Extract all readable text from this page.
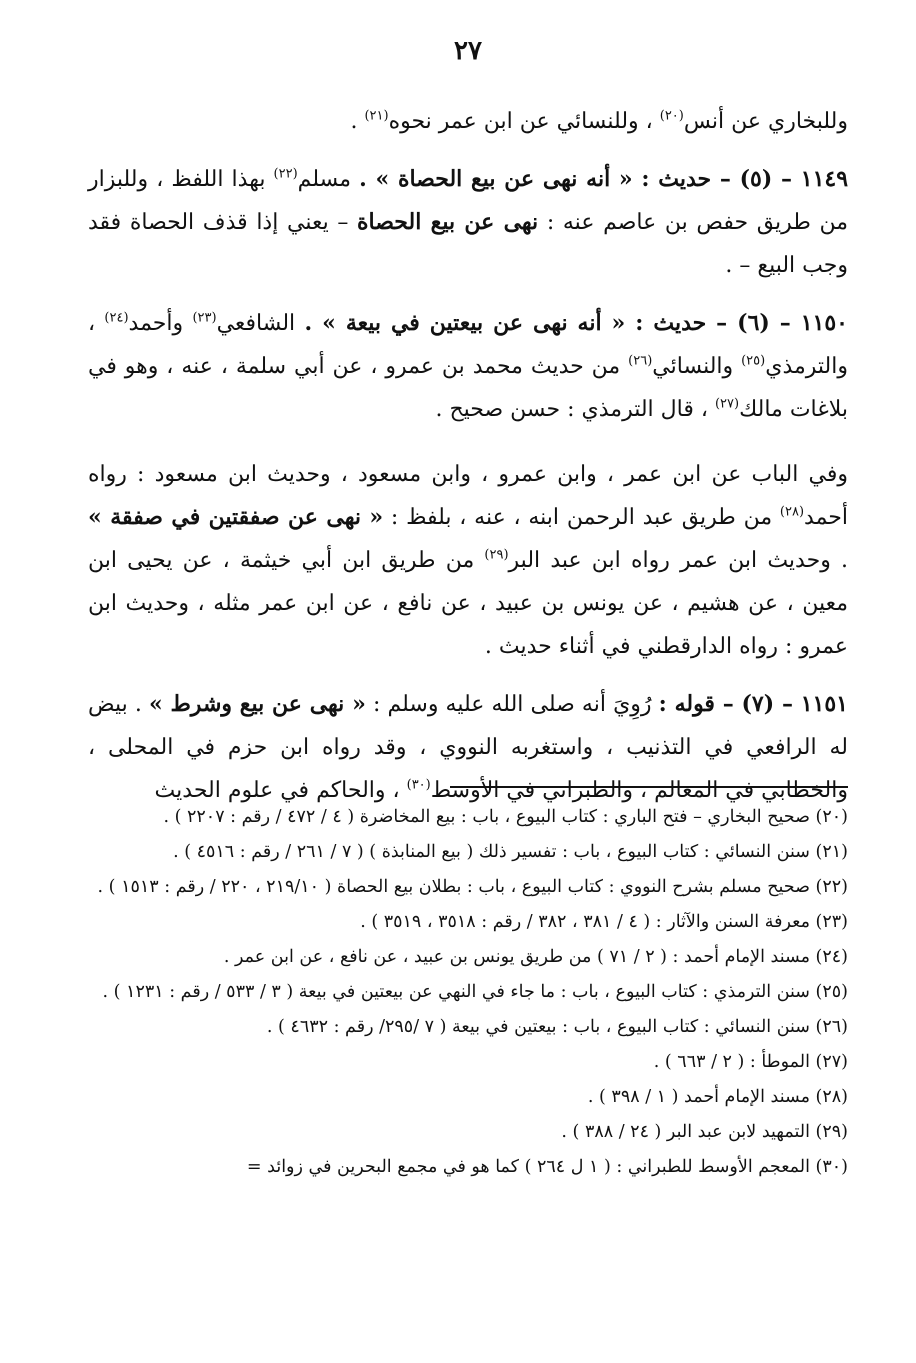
٢٧

وللبخاري عن أنس$^{(٢٠)}$ ، وللنسائي عن ابن عمر نحوه$^{(٢١)}$ .

١١٤٩ – (٥) – حديث : « أنه نهى عن بيع الحصاة » . مسلم$^{(٢٢)}$ بهذا اللفظ ، وللبزار من طريق حفص بن عاصم عنه : نهى عن بيع الحصاة – يعني إذا قذف الحصاة فقد وجب البيع – .

١١٥٠ – (٦) – حديث : « أنه نهى عن بيعتين في بيعة » . الشافعي$^{(٢٣)}$ وأحمد$^{(٢٤)}$ ، والترمذي$^{(٢٥)}$ والنسائي$^{(٢٦)}$ من حديث محمد بن عمرو ، عن أبي سلمة ، عنه ، وهو في بلاغات مالك$^{(٢٧)}$ ، قال الترمذي : حسن صحيح .

وفي الباب عن ابن عمر ، وابن عمرو ، وابن مسعود ، وحديث ابن مسعود : رواه أحمد$^{(٢٨)}$ من طريق عبد الرحمن ابنه ، عنه ، بلفظ : « نهى عن صفقتين في صفقة » . وحديث ابن عمر رواه ابن عبد البر$^{(٢٩)}$ من طريق ابن أبي خيثمة ، عن يحيى ابن معين ، عن هشيم ، عن يونس بن عبيد ، عن نافع ، عن ابن عمر مثله ، وحديث ابن عمرو : رواه الدارقطني في أثناء حديث .

١١٥١ – (٧) – قوله : رُوِيَ أنه صلى الله عليه وسلم : « نهى عن بيع وشرط » . بيض له الرافعي في التذنيب ، واستغربه النووي ، وقد رواه ابن حزم في المحلى ، والخطابي في المعالم ، والطبراني في الأوسط$^{(٣٠)}$ ، والحاكم في علوم الحديث

(٢٠) صحيح البخاري – فتح الباري : كتاب البيوع ، باب : بيع المخاضرة ( ٤ / ٤٧٢ / رقم : ٢٢٠٧ ) .

(٢١) سنن النسائي : كتاب البيوع ، باب : تفسير ذلك ( بيع المنابذة ) ( ٧ / ٢٦١ / رقم : ٤٥١٦ ) .

(٢٢) صحيح مسلم بشرح النووي : كتاب البيوع ، باب : بطلان بيع الحصاة ( ٢١٩/١٠ ، ٢٢٠ / رقم : ١٥١٣ ) .

(٢٣) معرفة السنن والآثار : ( ٤ / ٣٨١ ، ٣٨٢ / رقم : ٣٥١٨ ، ٣٥١٩ ) .

(٢٤) مسند الإمام أحمد : ( ٢ / ٧١ ) من طريق يونس بن عبيد ، عن نافع ، عن ابن عمر .

(٢٥) سنن الترمذي : كتاب البيوع ، باب : ما جاء في النهي عن بيعتين في بيعة ( ٣ / ٥٣٣ / رقم : ١٢٣١ ) .

(٢٦) سنن النسائي : كتاب البيوع ، باب : بيعتين في بيعة ( ٧ /٢٩٥/ رقم : ٤٦٣٢ ) .

(٢٧) الموطأ : ( ٢ / ٦٦٣ ) .

(٢٨) مسند الإمام أحمد ( ١ / ٣٩٨ ) .

(٢٩) التمهيد لابن عبد البر ( ٢٤ / ٣٨٨ ) .

(٣٠) المعجم الأوسط للطبراني : ( ١ ل ٢٦٤ ) كما هو في مجمع البحرين في زوائد =
